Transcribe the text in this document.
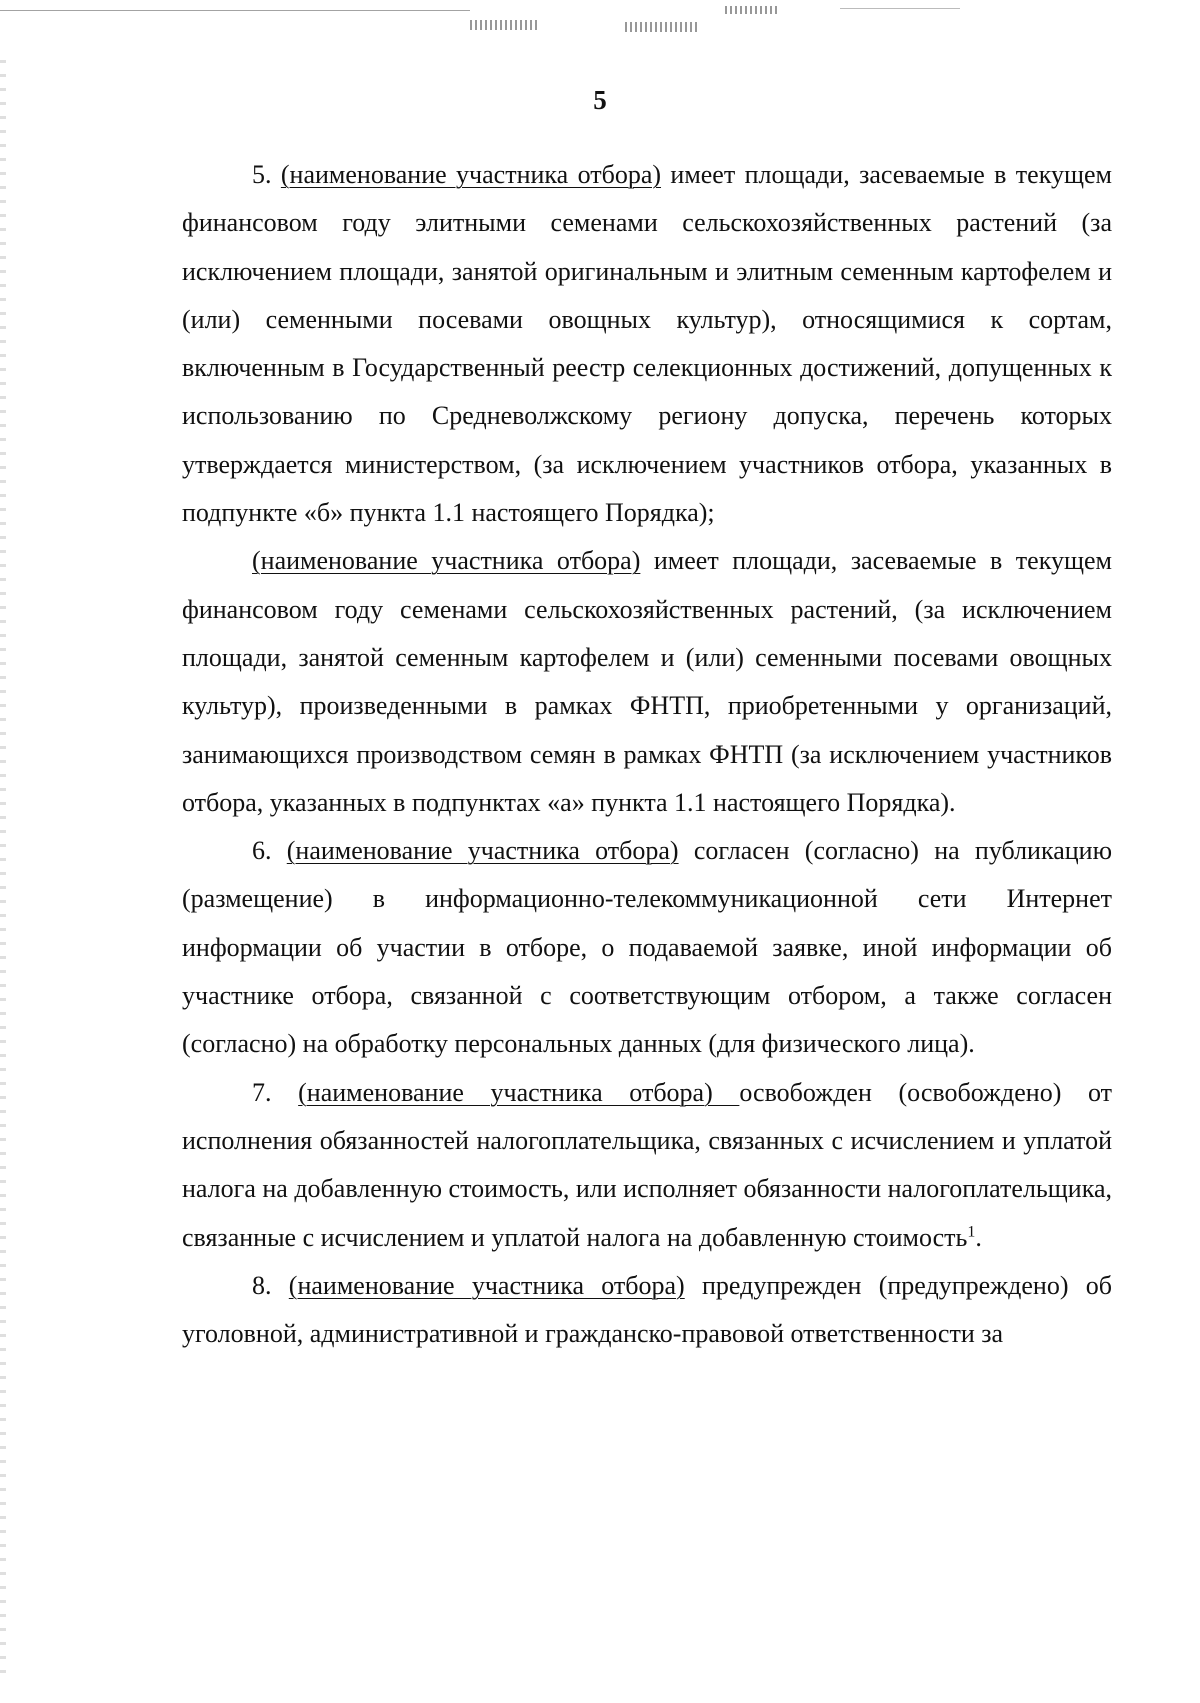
5

5. (наименование участника отбора) имеет площади, засеваемые в текущем финансовом году элитными семенами сельскохозяйственных растений (за исключением площади, занятой оригинальным и элитным семенным картофелем и (или) семенными посевами овощных культур), относящимися к сортам, включенным в Государственный реестр селекционных достижений, допущенных к использованию по Средневолжскому региону допуска, перечень которых утверждается министерством, (за исключением участников отбора, указанных в подпункте «б» пункта 1.1 настоящего Порядка);

(наименование участника отбора) имеет площади, засеваемые в текущем финансовом году семенами сельскохозяйственных растений, (за исключением площади, занятой семенным картофелем и (или) семенными посевами овощных культур), произведенными в рамках ФНТП, приобретенными у организаций, занимающихся производством семян в рамках ФНТП (за исключением участников отбора, указанных в подпунктах «а» пункта 1.1 настоящего Порядка).

6. (наименование участника отбора) согласен (согласно) на публикацию (размещение) в информационно-телекоммуникационной сети Интернет информации об участии в отборе, о подаваемой заявке, иной информации об участнике отбора, связанной с соответствующим отбором, а также согласен (согласно) на обработку персональных данных (для физического лица).

7. (наименование участника отбора) освобожден (освобождено) от исполнения обязанностей налогоплательщика, связанных с исчислением и уплатой налога на добавленную стоимость, или исполняет обязанности налогоплательщика, связанные с исчислением и уплатой налога на добавленную стоимость$^1$.

8. (наименование участника отбора) предупрежден (предупреждено) об уголовной, административной и гражданско-правовой ответственности за
